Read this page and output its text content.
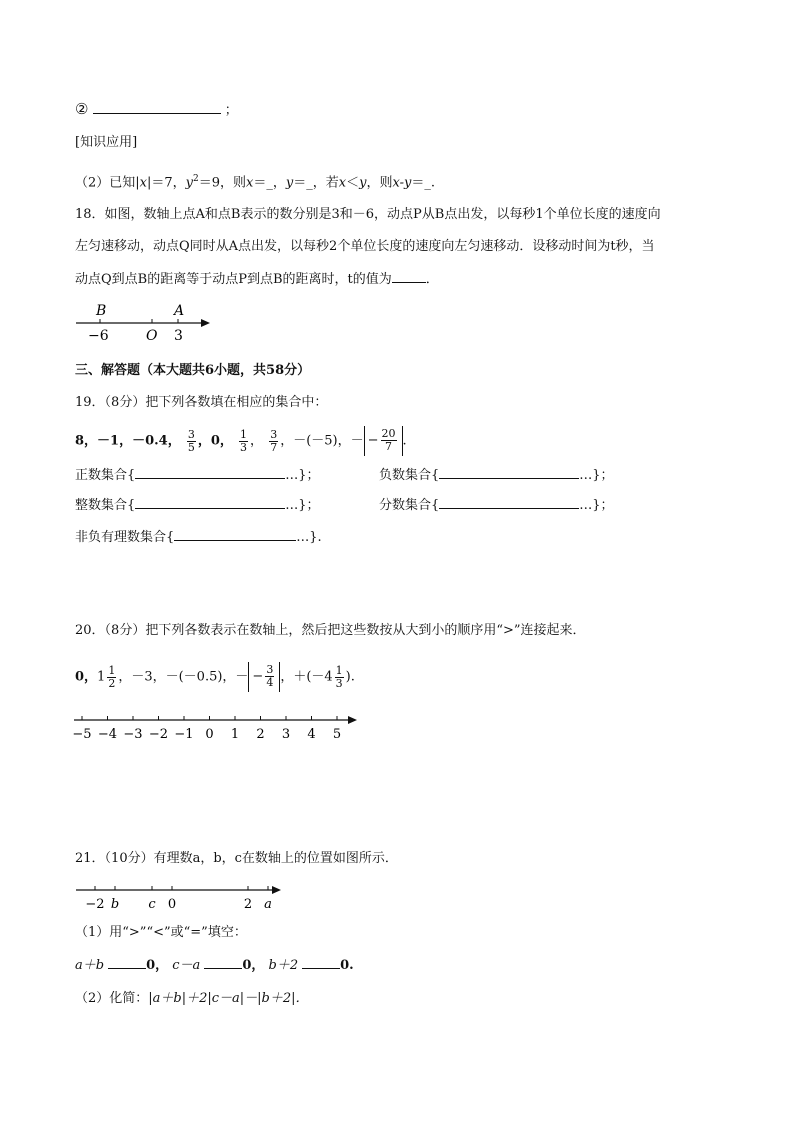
②	；
[知识应用]
（2）已知|x|＝7，$y^2=9$，则x＝_，y＝_，若x＜y，则x-y＝_.
18．如图，数轴上点A和点B表示的数分别是3和－6，动点P从B点出发，以每秒1个单位长度的速度向
左匀速移动，动点Q同时从A点出发，以每秒2个单位长度的速度向左匀速移动．设移动时间为t秒，当
动点Q到点B的距离等于动点P到点B的距离时，t的值为	．
B	A
−6	O 3
三、解答题（本大题共6小题，共58分）
19．（8分）把下列各数填在相应的集合中：
8，－1，－0.4， $\frac{3}{5}$ ，0， $\frac{1}{3}$ ， $\frac{3}{7}$ ，－(－5)，－ − $\frac{20}{7}$ .
正数集合{	…}；	负数集合{	…}；
整数集合{	…}；	分数集合{	…}；
非负有理数集合{	…}.
20．（8分）把下列各数表示在数轴上，然后把这些数按从大到小的顺序用“>”连接起来．
0，$1 \frac{1}{2}$ ，－3，－(－0.5)，－ − $\frac{3}{4}$ ，$+(-4 \frac{1}{3}$ ).
−5 −4 −3 −2 −1 0 1 2 3 4 5
21．（10分）有理数a，b，c在数轴上的位置如图所示．
−2 b c 0	2 a
（1）用“>”“<”或“=”填空：
a＋b	0， c－a	0， b＋2	0.
（2）化简：|a＋b|＋2|c－a|－|b＋2|．
